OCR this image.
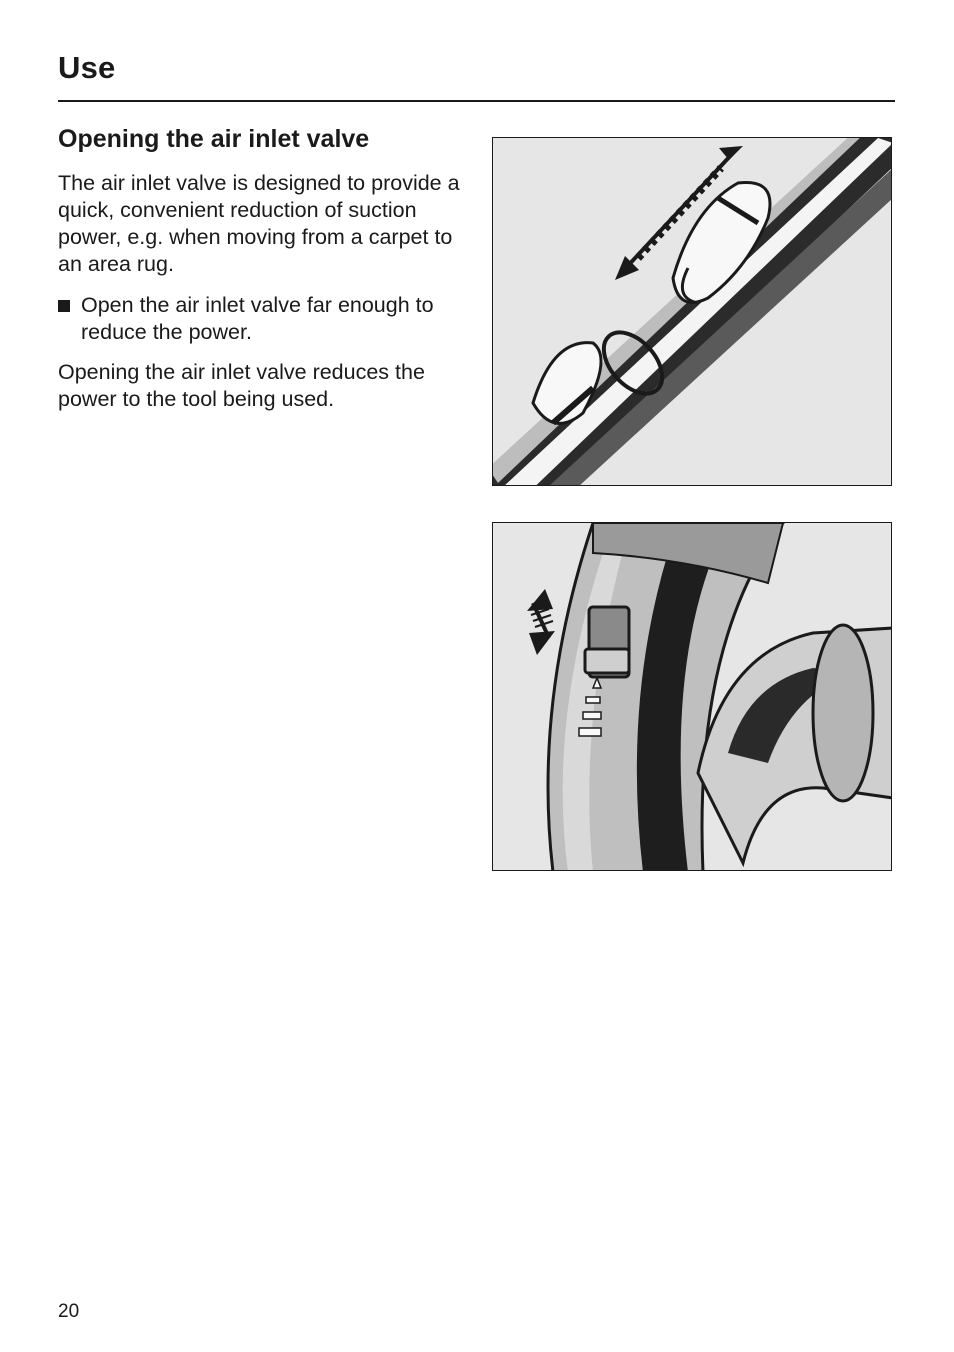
Use
Opening the air inlet valve
The air inlet valve is designed to provide a quick, convenient reduction of suction power, e.g. when moving from a carpet to an area rug.
Open the air inlet valve far enough to reduce the power.
Opening the air inlet valve reduces the power to the tool being used.
20
